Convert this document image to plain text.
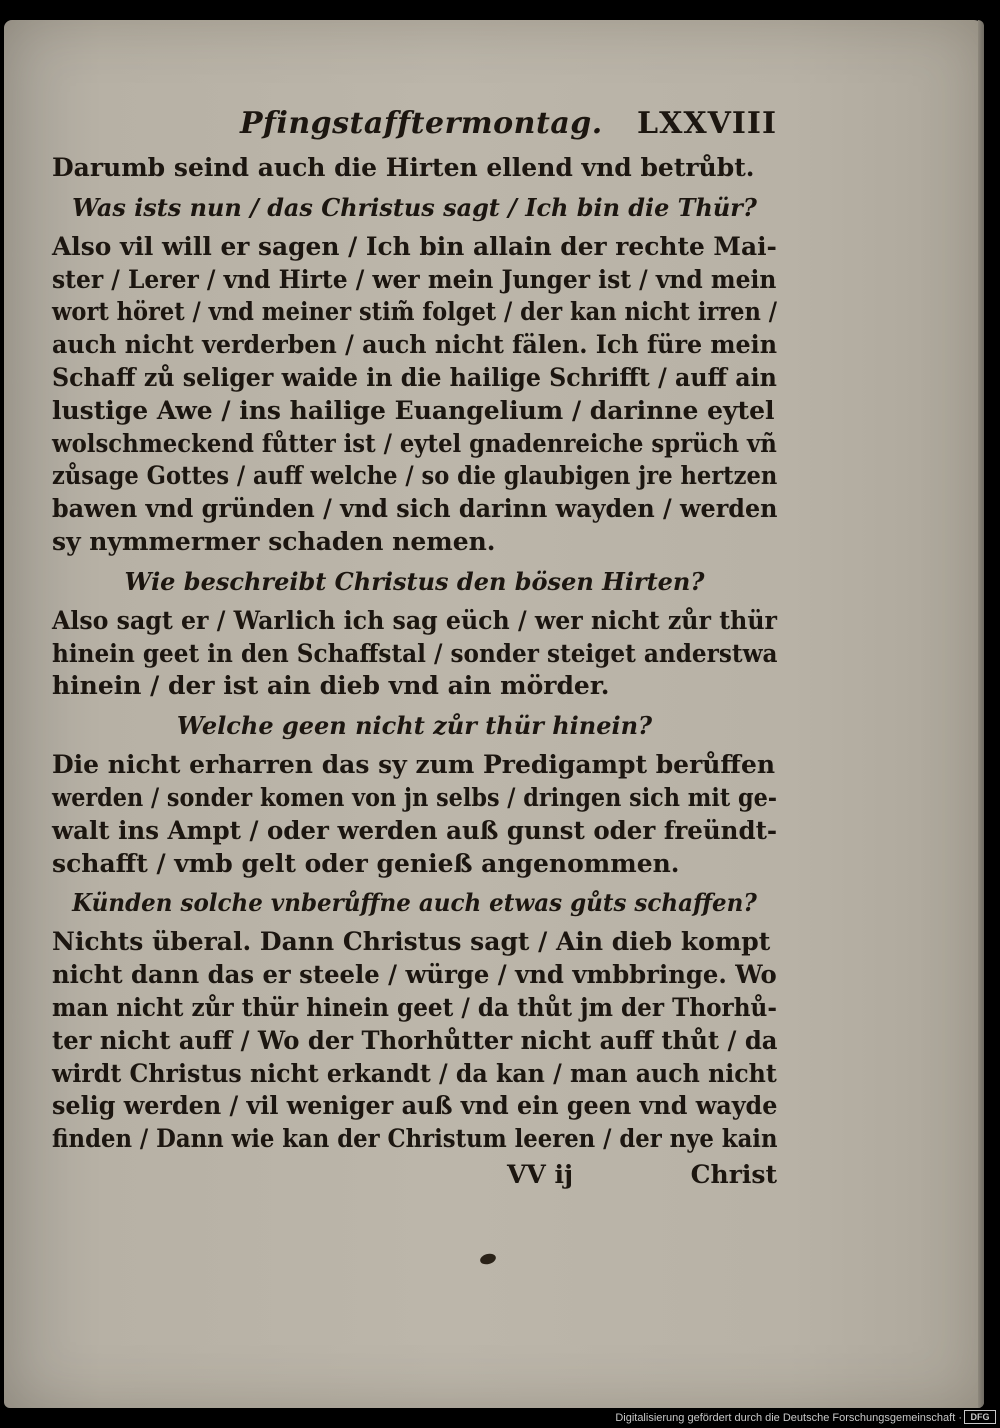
Pfingstafftermontag. LXXVIII
Darumb seind auch die Hirten ellend vnd betrůbt.
Was ists nun / das Christus sagt / Ich bin die Thür?
Also vil will er sagen / Ich bin allain der rechte Mai-
ster / Lerer / vnd Hirte / wer mein Junger ist / vnd mein
wort höret / vnd meiner stim̃ folget / der kan nicht irren /
auch nicht verderben / auch nicht fälen. Ich füre mein
Schaff zů seliger waide in die hailige Schrifft / auff ain
lustige Awe / ins hailige Euangelium / darinne eytel
wolschmeckend fůtter ist / eytel gnadenreiche sprüch vñ
zůsage Gottes / auff welche / so die glaubigen jre hertzen
bawen vnd gründen / vnd sich darinn wayden / werden
sy nymmermer schaden nemen.
Wie beschreibt Christus den bösen Hirten?
Also sagt er / Warlich ich sag eüch / wer nicht zůr thür
hinein geet in den Schaffstal / sonder steiget anderstwa
hinein / der ist ain dieb vnd ain mörder.
Welche geen nicht zůr thür hinein?
Die nicht erharren das sy zum Predigampt berůffen
werden / sonder komen von jn selbs / dringen sich mit ge-
walt ins Ampt / oder werden auß gunst oder freündt-
schafft / vmb gelt oder genieß angenommen.
Künden solche vnberůffne auch etwas gůts schaffen?
Nichts überal. Dann Christus sagt / Ain dieb kompt
nicht dann das er steele / würge / vnd vmbbringe. Wo
man nicht zůr thür hinein geet / da thůt jm der Thorhů-
ter nicht auff / Wo der Thorhůtter nicht auff thůt / da
wirdt Christus nicht erkandt / da kan / man auch nicht
selig werden / vil weniger auß vnd ein geen vnd wayde
finden / Dann wie kan der Christum leeren / der nye kain
VV ij	Christ
Digitalisierung gefördert durch die Deutsche Forschungsgemeinschaft · DFG
